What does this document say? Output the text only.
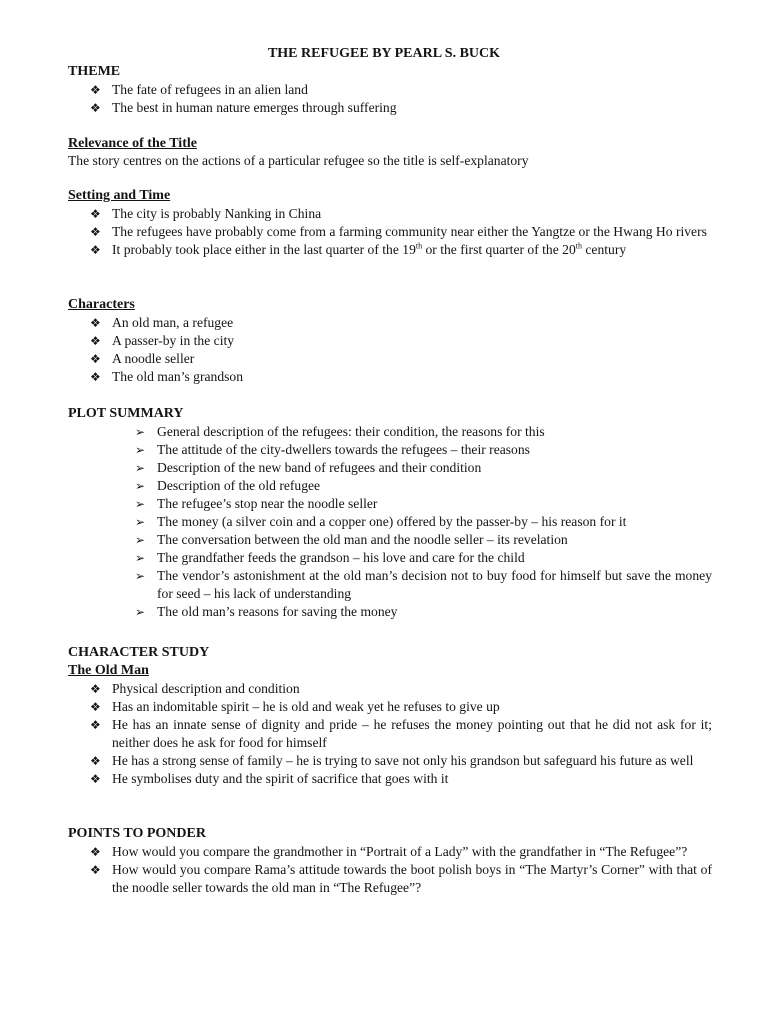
THE REFUGEE BY PEARL S. BUCK
THEME
❖ The fate of refugees in an alien land
❖ The best in human nature emerges through suffering
Relevance of the Title
The story centres on the actions of a particular refugee so the title is self-explanatory
Setting and Time
❖ The city is probably Nanking in China
❖ The refugees have probably come from a farming community near either the Yangtze or the Hwang Ho rivers
❖ It probably took place either in the last quarter of the 19th or the first quarter of the 20th century
Characters
❖ An old man, a refugee
❖ A passer-by in the city
❖ A noodle seller
❖ The old man’s grandson
PLOT SUMMARY
➢ General description of the refugees: their condition, the reasons for this
➢ The attitude of the city-dwellers towards the refugees – their reasons
➢ Description of the new band of refugees and their condition
➢ Description of the old refugee
➢ The refugee’s stop near the noodle seller
➢ The money (a silver coin and a copper one) offered by the passer-by – his reason for it
➢ The conversation between the old man and the noodle seller – its revelation
➢ The grandfather feeds the grandson – his love and care for the child
➢ The vendor’s astonishment at the old man’s decision not to buy food for himself but save the money for seed – his lack of understanding
➢ The old man’s reasons for saving the money
CHARACTER STUDY
The Old Man
❖ Physical description and condition
❖ Has an indomitable spirit – he is old and weak yet he refuses to give up
❖ He has an innate sense of dignity and pride – he refuses the money pointing out that he did not ask for it; neither does he ask for food for himself
❖ He has a strong sense of family – he is trying to save not only his grandson but safeguard his future as well
❖ He symbolises duty and the spirit of sacrifice that goes with it
POINTS TO PONDER
❖ How would you compare the grandmother in “Portrait of a Lady” with the grandfather in “The Refugee”?
❖ How would you compare Rama’s attitude towards the boot polish boys in “The Martyr’s Corner” with that of the noodle seller towards the old man in “The Refugee”?
